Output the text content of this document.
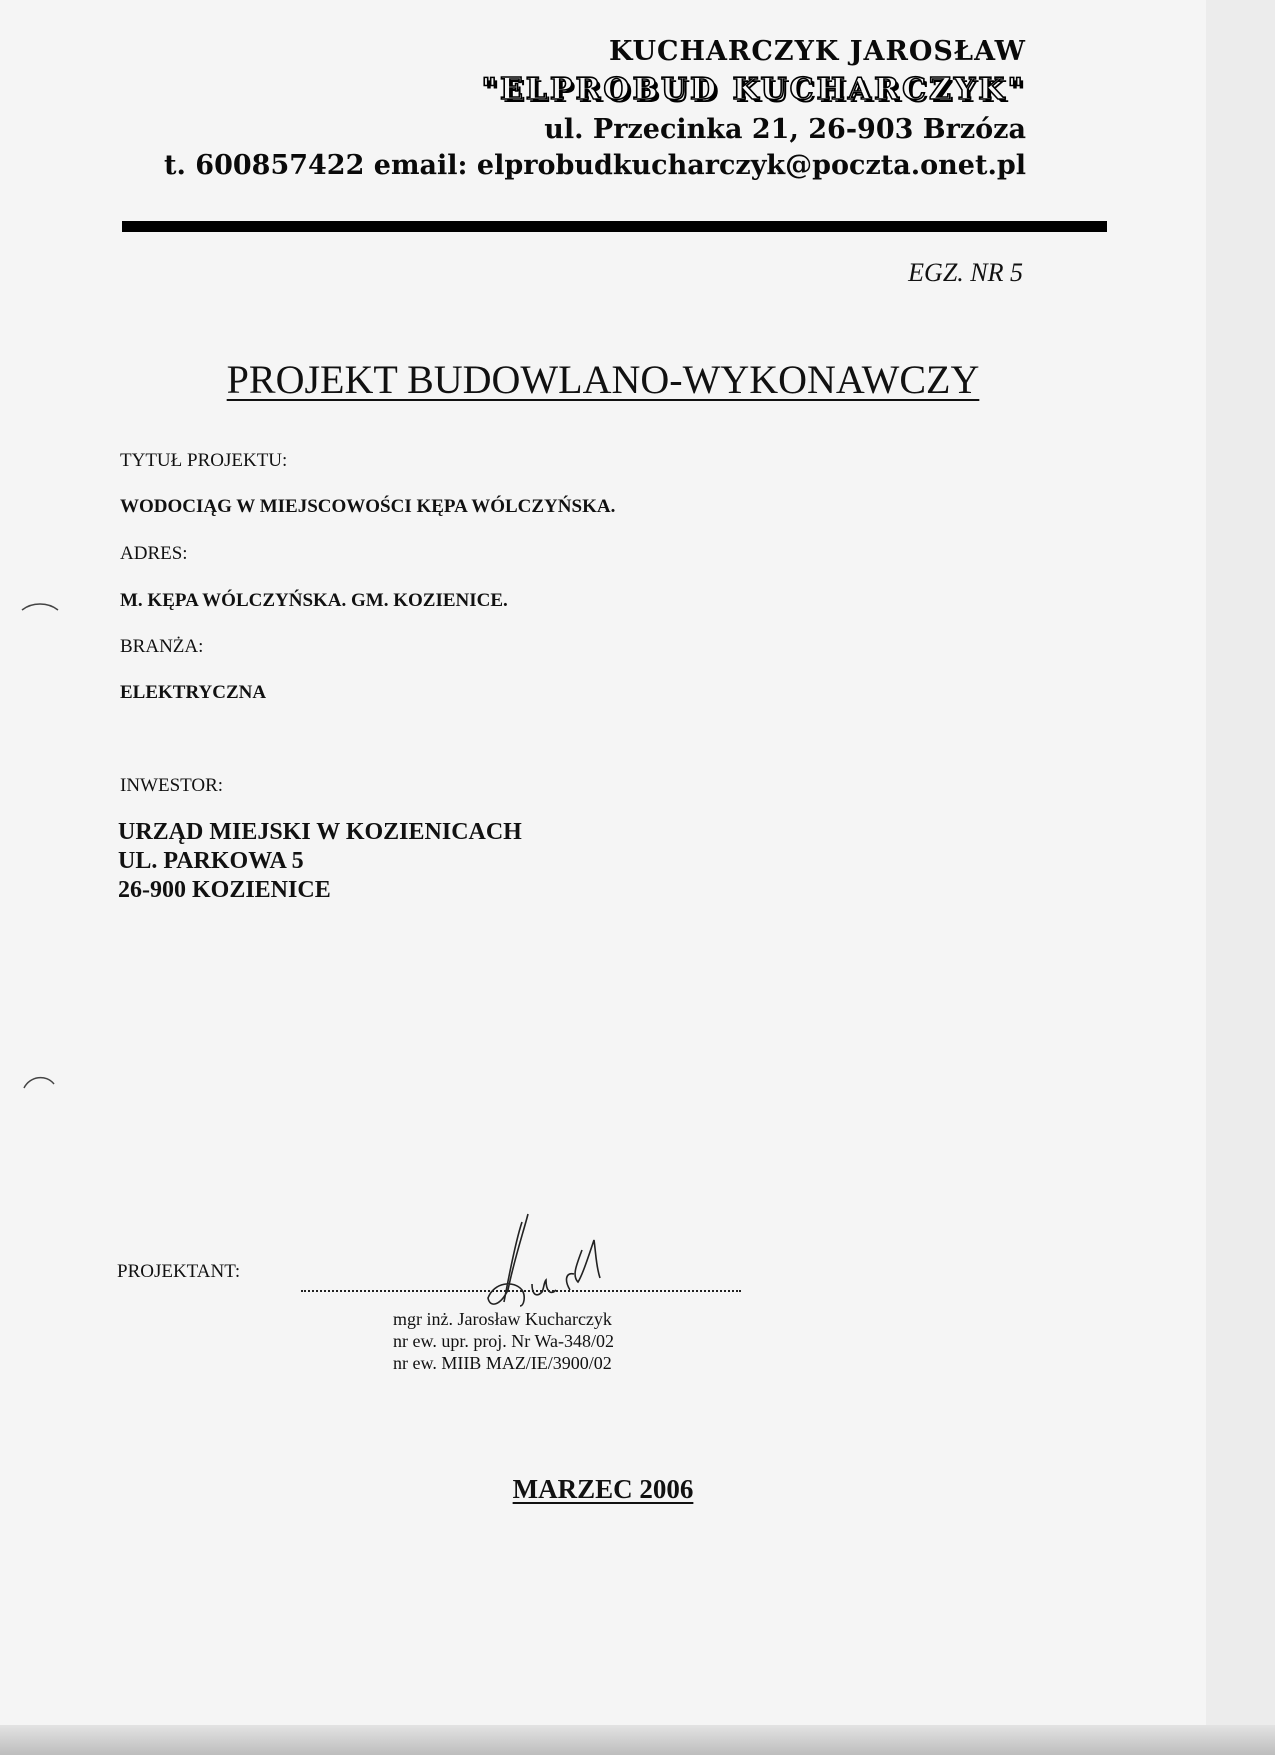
KUCHARCZYK JAROSŁAW
"ELPROBUD KUCHARCZYK"
ul. Przecinka 21, 26-903 Brzóza
t. 600857422 email: elprobudkucharczyk@poczta.onet.pl
EGZ. NR 5
PROJEKT BUDOWLANO-WYKONAWCZY
TYTUŁ PROJEKTU:
WODOCIĄG W MIEJSCOWOŚCI KĘPA WÓLCZYŃSKA.
ADRES:
M. KĘPA WÓLCZYŃSKA. GM. KOZIENICE.
BRANŻA:
ELEKTRYCZNA
INWESTOR:
URZĄD MIEJSKI W KOZIENICACH
UL. PARKOWA 5
26-900 KOZIENICE
PROJEKTANT:
mgr inż. Jarosław Kucharczyk
nr ew. upr. proj. Nr Wa-348/02
nr ew. MIIB MAZ/IE/3900/02
MARZEC 2006
